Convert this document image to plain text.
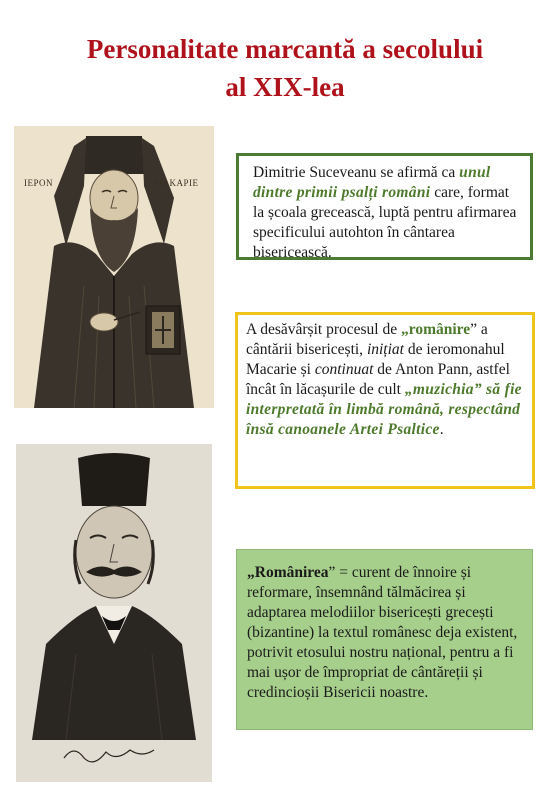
Personalitate marcantă a secolului
al XIX-lea
ΙΕΡΟΝ	ΜΑΚΑΡΙΕ
Dimitrie Suceveanu se afirmă ca unul dintre primii psalți români care, format la școala grecească, luptă pentru afirmarea specificului autohton în cântarea bisericească.
A desăvârșit procesul de „românire” a cântării bisericești, inițiat de ieromonahul Macarie și continuat de Anton Pann, astfel încât în lăcașurile de cult „muzichia” să fie interpretată în limbă română, respectând însă canoanele Artei Psaltice.
„Românirea” = curent de înnoire și reformare, însemnând tălmăcirea și adaptarea melodiilor bisericești grecești (bizantine) la textul românesc deja existent, potrivit etosului nostru național, pentru a fi mai ușor de împropriat de cântăreții și credincioșii Bisericii noastre.
